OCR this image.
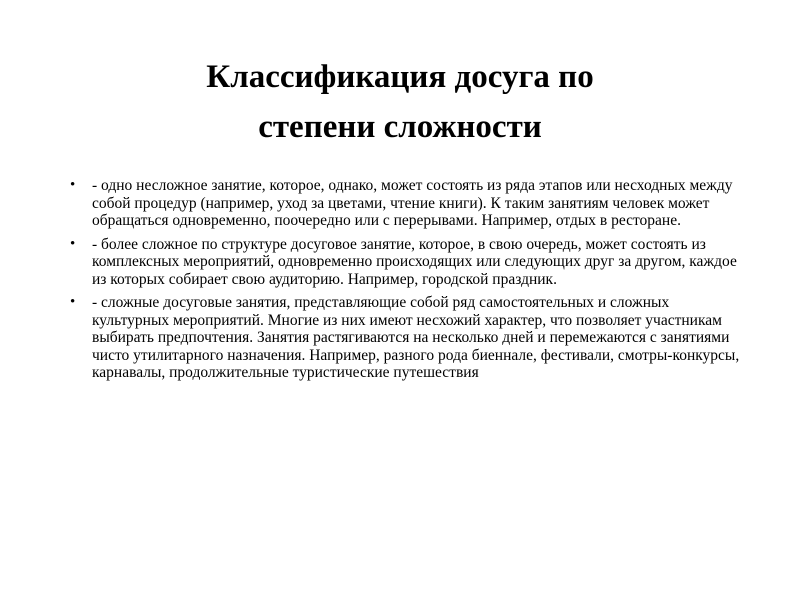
Классификация досуга по
степени сложности
• - одно несложное занятие, которое, однако, может состоять из ряда этапов или несходных между собой процедур (например, уход за цветами, чтение книги). К таким занятиям человек может обращаться одновременно, поочередно или с перерывами. Например, отдых в ресторане.
• - более сложное по структуре досуговое занятие, которое, в свою очередь, может состоять из комплексных мероприятий, одновременно происходящих или следующих друг за другом, каждое из которых собирает свою аудиторию. Например, городской праздник.
• - сложные досуговые занятия, представляющие собой ряд самостоятельных и сложных культурных мероприятий. Многие из них имеют несхожий характер, что позволяет участникам выбирать предпочтения. Занятия растягиваются на несколько дней и перемежаются с занятиями чисто утилитарного назначения. Например, разного рода биеннале, фестивали, смотры-конкурсы, карнавалы, продолжительные туристические путешествия
